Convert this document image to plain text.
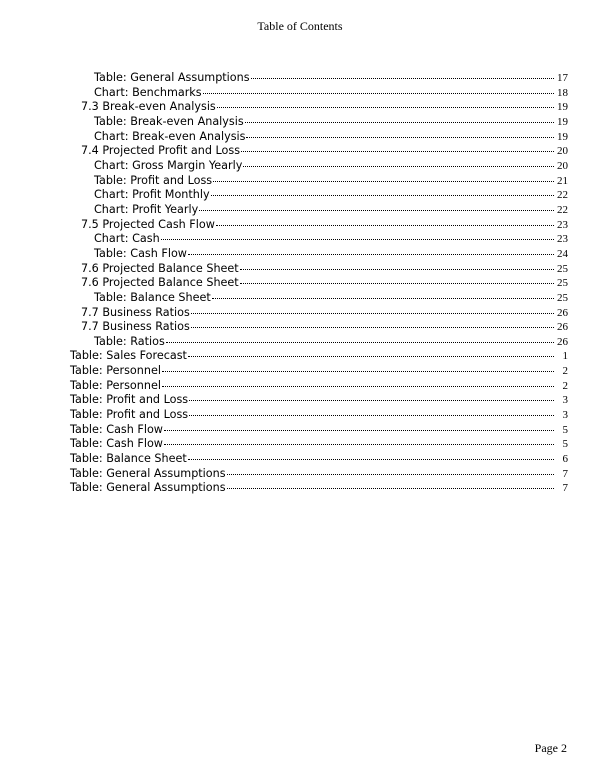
Table of Contents
Table: General Assumptions	17
Chart: Benchmarks	18
7.3 Break-even Analysis	19
Table: Break-even Analysis	19
Chart: Break-even Analysis	19
7.4 Projected Profit and Loss	20
Chart: Gross Margin Yearly	20
Table: Profit and Loss	21
Chart: Profit Monthly	22
Chart: Profit Yearly	22
7.5 Projected Cash Flow	23
Chart: Cash	23
Table: Cash Flow	24
7.6 Projected Balance Sheet	25
7.6 Projected Balance Sheet	25
Table: Balance Sheet	25
7.7 Business Ratios	26
7.7 Business Ratios	26
Table: Ratios	26
Table: Sales Forecast	1
Table: Personnel	2
Table: Personnel	2
Table: Profit and Loss	3
Table: Profit and Loss	3
Table: Cash Flow	5
Table: Cash Flow	5
Table: Balance Sheet	6
Table: General Assumptions	7
Table: General Assumptions	7
Page 2
